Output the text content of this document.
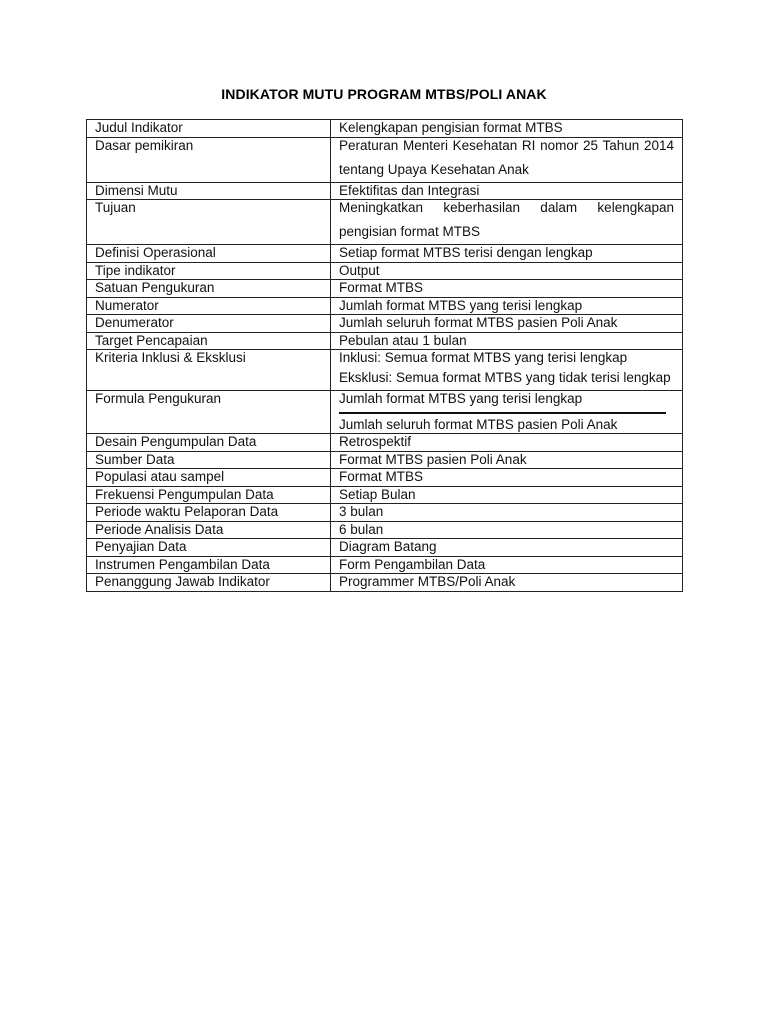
INDIKATOR MUTU PROGRAM MTBS/POLI ANAK
Judul Indikator	Kelengkapan pengisian format MTBS
Dasar pemikiran	Peraturan Menteri Kesehatan RI nomor 25 Tahun 2014 tentang Upaya Kesehatan Anak

Dimensi Mutu	Efektifitas dan Integrasi
Tujuan	Meningkatkan keberhasilan dalam kelengkapan pengisian format MTBS

Definisi Operasional	Setiap format MTBS terisi dengan lengkap
Tipe indikator	Output
Satuan Pengukuran	Format MTBS
Numerator	Jumlah format MTBS yang terisi lengkap
Denumerator	Jumlah seluruh format MTBS pasien Poli Anak
Target Pencapaian	Pebulan atau 1 bulan
Kriteria Inklusi & Eksklusi	Inklusi: Semua format MTBS yang terisi lengkap
Eksklusi: Semua format MTBS yang tidak terisi lengkap

Formula Pengukuran	Jumlah format MTBS yang terisi lengkap
Jumlah seluruh format MTBS pasien Poli Anak

Desain Pengumpulan Data	Retrospektif
Sumber Data	Format MTBS pasien Poli Anak
Populasi atau sampel	Format MTBS
Frekuensi Pengumpulan Data	Setiap Bulan
Periode waktu Pelaporan Data	3 bulan
Periode Analisis Data	6 bulan
Penyajian Data	Diagram Batang
Instrumen Pengambilan Data	Form Pengambilan Data
Penanggung Jawab Indikator	Programmer MTBS/Poli Anak
